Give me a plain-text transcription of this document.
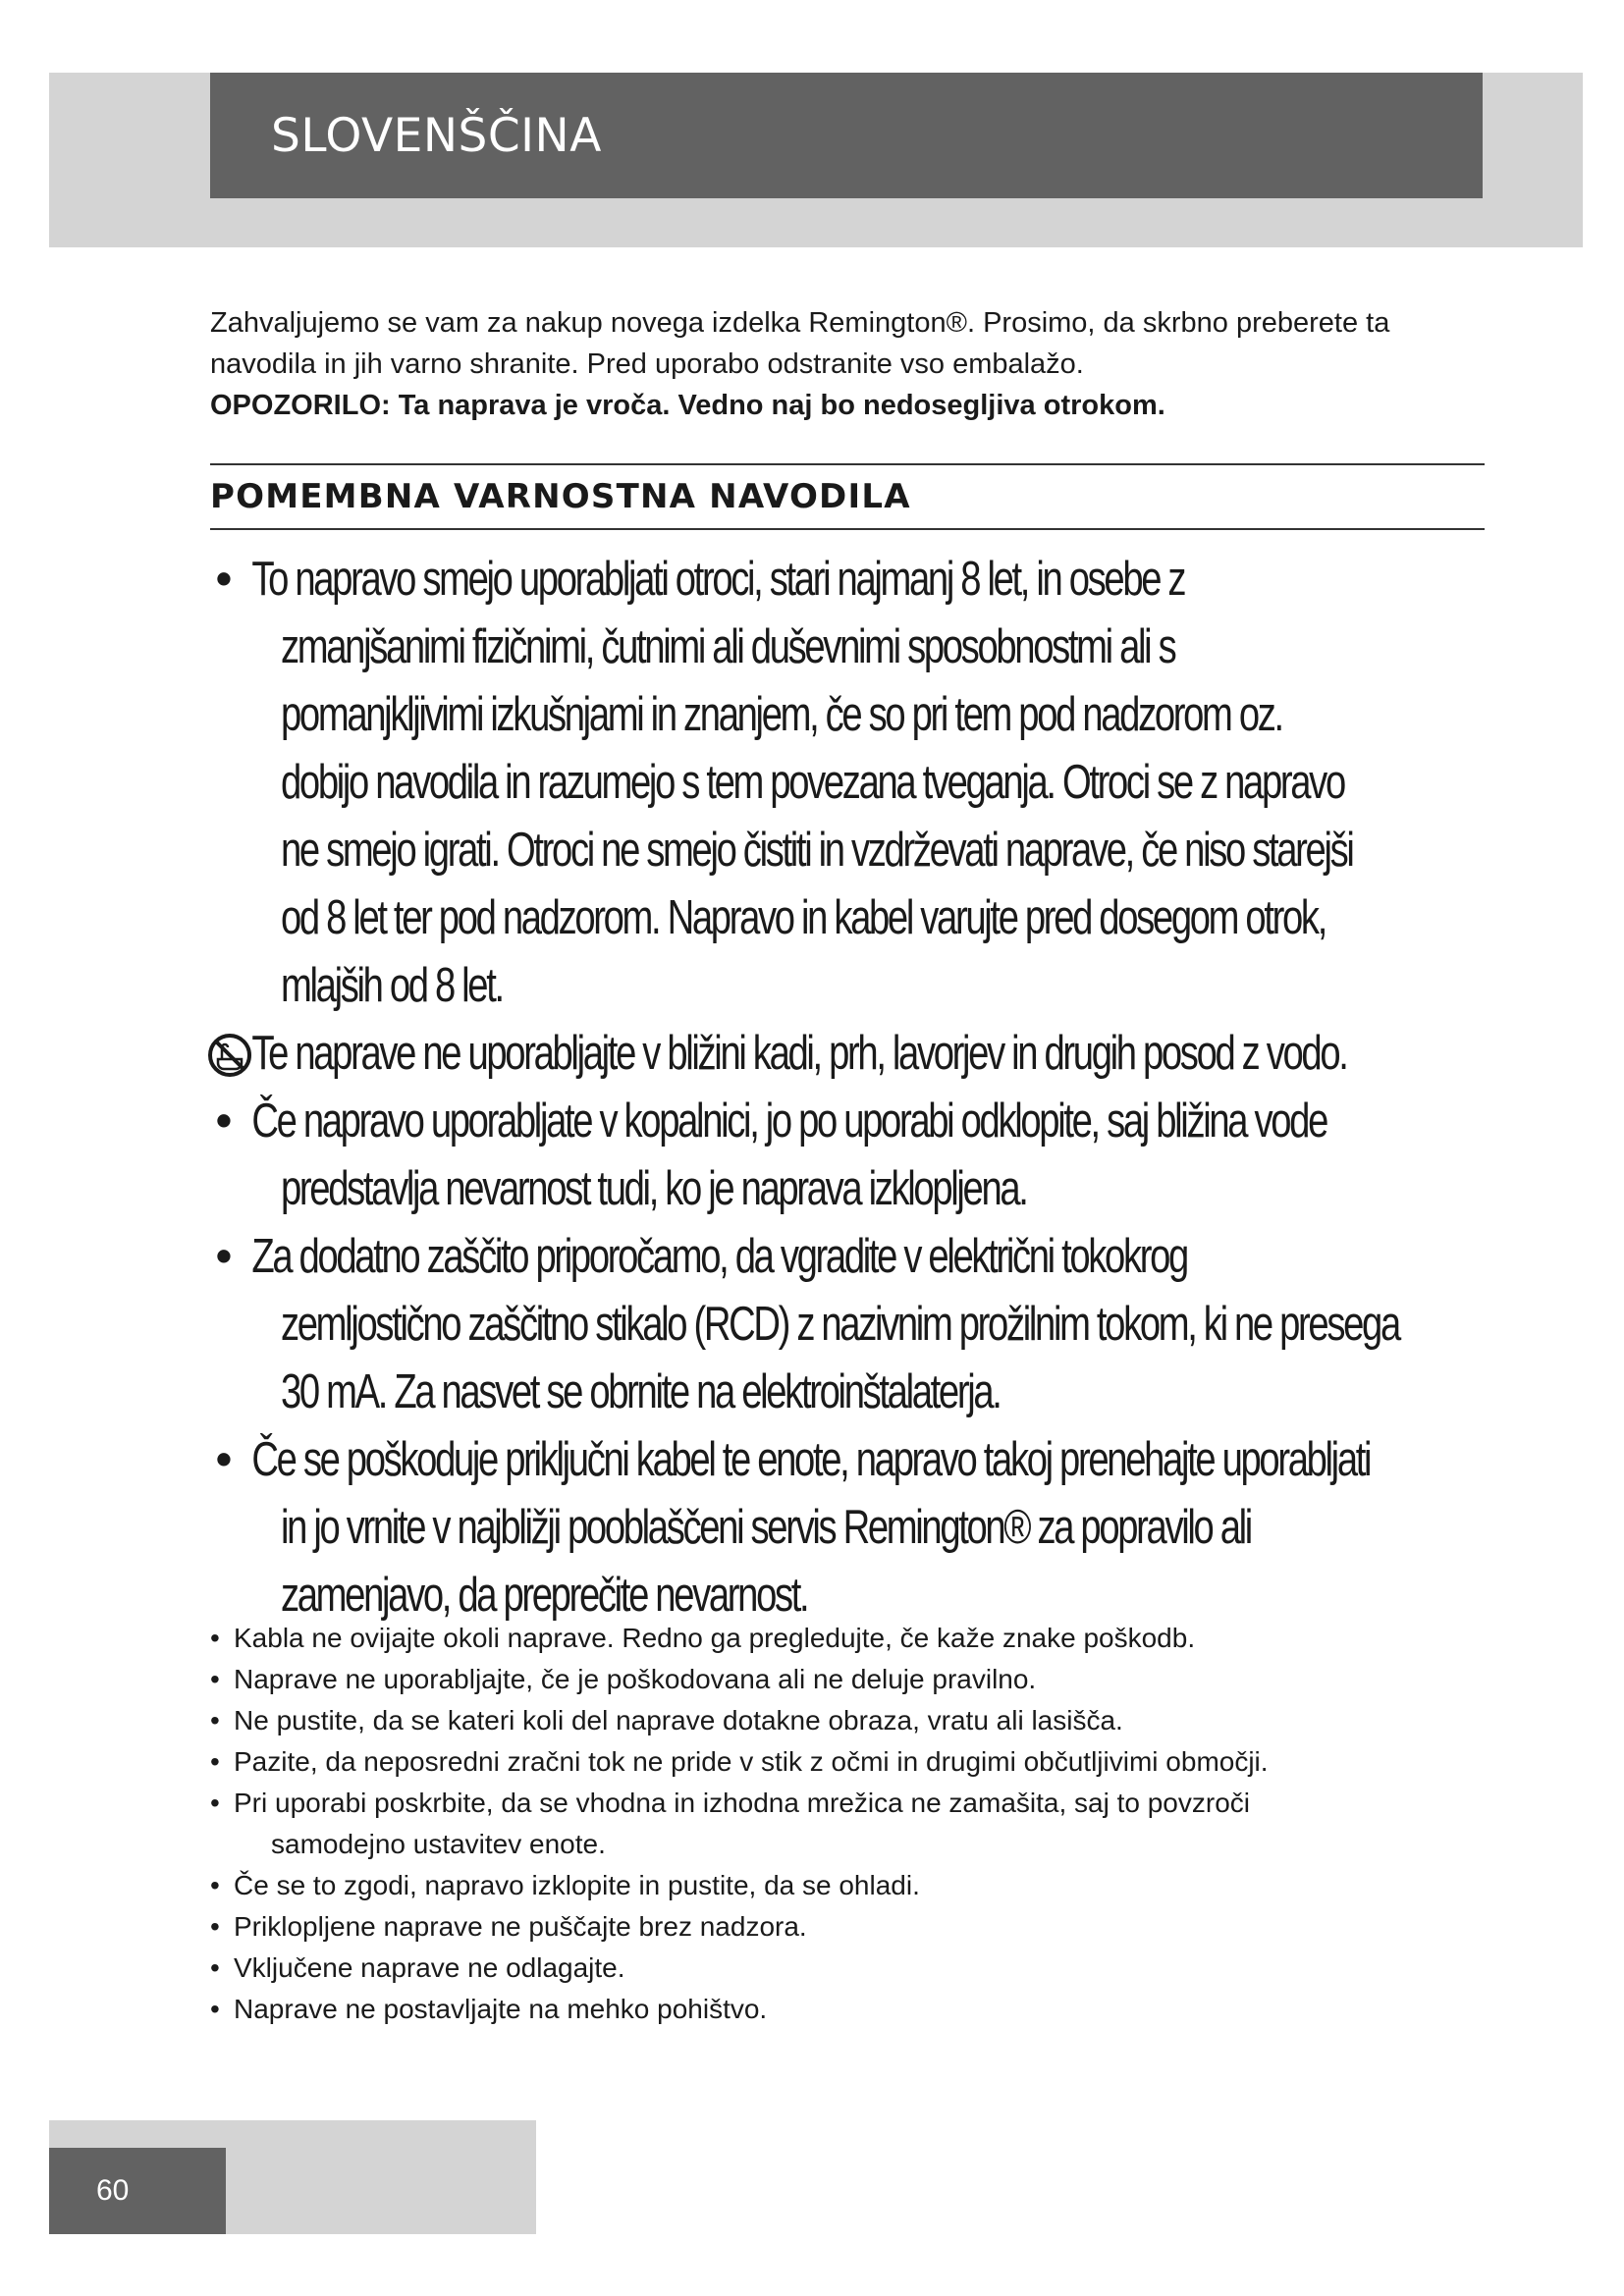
SLOVENŠČINA

Zahvaljujemo se vam za nakup novega izdelka Remington®. Prosimo, da skrbno preberete ta

navodila in jih varno shranite. Pred uporabo odstranite vso embalažo.

OPOZORILO: Ta naprava je vroča. Vedno naj bo nedosegljiva otrokom.

POMEMBNA VARNOSTNA NAVODILA
• To napravo smejo uporabljati otroci, stari najmanj 8 let, in osebe z
zmanjšanimi fizičnimi, čutnimi ali duševnimi sposobnostmi ali s
pomanjkljivimi izkušnjami in znanjem, če so pri tem pod nadzorom oz.
dobijo navodila in razumejo s tem povezana tveganja. Otroci se z napravo
ne smejo igrati. Otroci ne smejo čistiti in vzdrževati naprave, če niso starejši
od 8 let ter pod nadzorom. Napravo in kabel varujte pred dosegom otrok,
mlajših od 8 let.
Te naprave ne uporabljajte v bližini kadi, prh, lavorjev in drugih posod z vodo.
• Če napravo uporabljate v kopalnici, jo po uporabi odklopite, saj bližina vode
predstavlja nevarnost tudi, ko je naprava izklopljena.
• Za dodatno zaščito priporočamo, da vgradite v električni tokokrog
zemljostično zaščitno stikalo (RCD) z nazivnim prožilnim tokom, ki ne presega
30 mA. Za nasvet se obrnite na elektroinštalaterja.
• Če se poškoduje priključni kabel te enote, napravo takoj prenehajte uporabljati
in jo vrnite v najbližji pooblaščeni servis Remington® za popravilo ali
zamenjavo, da preprečite nevarnost.
• Kabla ne ovijajte okoli naprave. Redno ga pregledujte, če kaže znake poškodb.
• Naprave ne uporabljajte, če je poškodovana ali ne deluje pravilno.
• Ne pustite, da se kateri koli del naprave dotakne obraza, vratu ali lasišča.
• Pazite, da neposredni zračni tok ne pride v stik z očmi in drugimi občutljivimi območji.
• Pri uporabi poskrbite, da se vhodna in izhodna mrežica ne zamašita, saj to povzroči
samodejno ustavitev enote.
• Če se to zgodi, napravo izklopite in pustite, da se ohladi.
• Priklopljene naprave ne puščajte brez nadzora.
• Vključene naprave ne odlagajte.
• Naprave ne postavljajte na mehko pohištvo.
60
